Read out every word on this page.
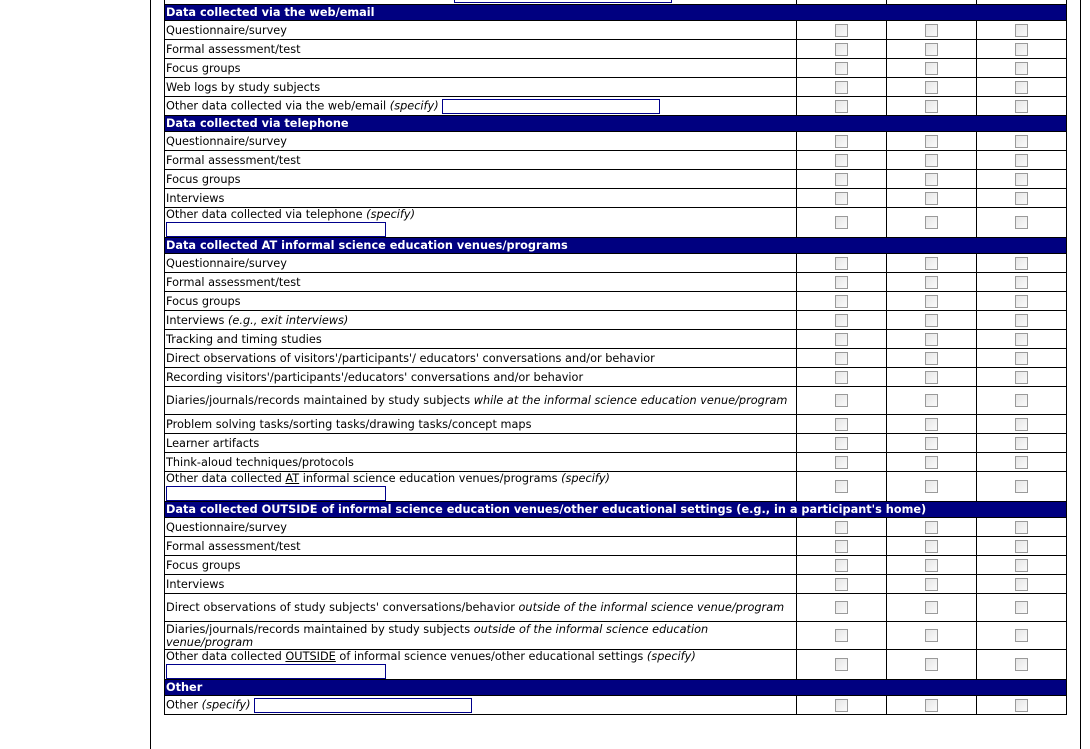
Data collected via the web/email			
Questionnaire/survey			
Formal assessment/test			
Focus groups			
Web logs by study subjects			
Other data collected via the web/email (specify)			
Data collected via telephone			
Questionnaire/survey			
Formal assessment/test			
Focus groups			
Interviews			
Other data collected via telephone (specify)

Data collected AT informal science education venues/programs			
Questionnaire/survey			
Formal assessment/test			
Focus groups			
Interviews (e.g., exit interviews)			
Tracking and timing studies			
Direct observations of visitors'/participants'/ educators' conversations and/or behavior			
Recording visitors'/participants'/educators' conversations and/or behavior			
Diaries/journals/records maintained by study subjects while at the informal science education venue/program			
Problem solving tasks/sorting tasks/drawing tasks/concept maps			
Learner artifacts			
Think-aloud techniques/protocols			
Other data collected AT informal science education venues/programs (specify)

Data collected OUTSIDE of informal science education venues/other educational settings (e.g., in a participant's home)			
Questionnaire/survey			
Formal assessment/test			
Focus groups			
Interviews			
Direct observations of study subjects' conversations/behavior outside of the informal science venue/program			
Diaries/journals/records maintained by study subjects outside of the informal science education venue/program			
Other data collected OUTSIDE of informal science venues/other educational settings (specify)

Other			
Other (specify)			
